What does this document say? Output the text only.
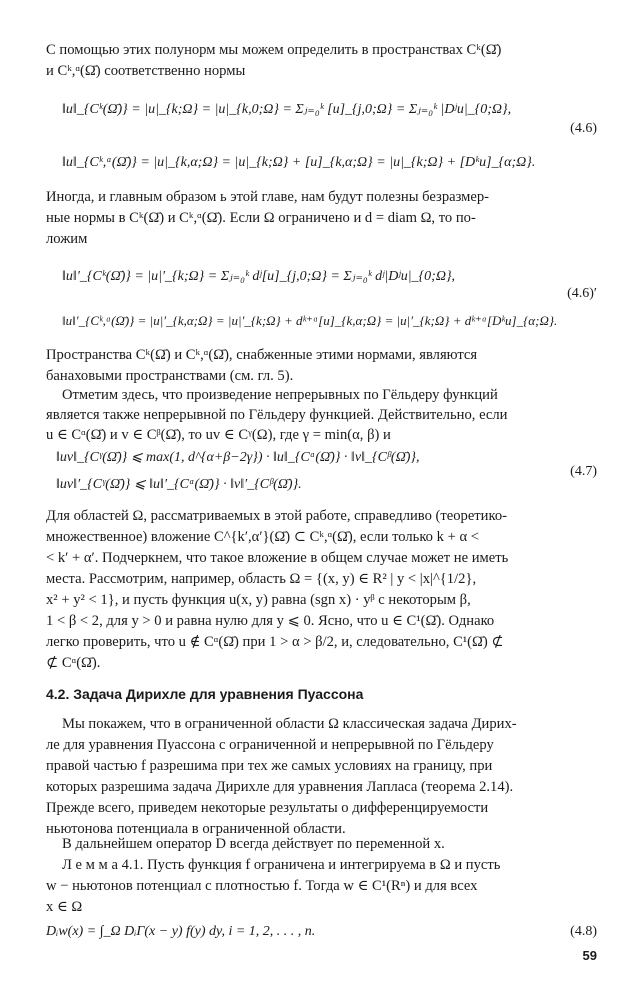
С помощью этих полунорм мы можем определить в пространствах Cᵏ(Ω̄)
и Cᵏ,ᵅ(Ω̄) соответственно нормы
‖u‖_{Cᵏ(Ω̄)} = |u|_{k;Ω} = |u|_{k,0;Ω} = Σⱼ₌₀ᵏ [u]_{j,0;Ω} = Σⱼ₌₀ᵏ |Dʲu|_{0;Ω},
(4.6)
‖u‖_{Cᵏ,ᵅ(Ω̄)} = |u|_{k,α;Ω} = |u|_{k;Ω} + [u]_{k,α;Ω} = |u|_{k;Ω} + [Dᵏu]_{α;Ω}.
Иногда, и главным образом ь этой главе, нам будут полезны безразмер-
ные нормы в Cᵏ(Ω̄) и Cᵏ,ᵅ(Ω̄). Если Ω ограничено и d = diam Ω, то по-
ложим
‖u‖′_{Cᵏ(Ω̄)} = |u|′_{k;Ω} = Σⱼ₌₀ᵏ dʲ[u]_{j,0;Ω} = Σⱼ₌₀ᵏ dʲ|Dʲu|_{0;Ω},
(4.6)′
‖u‖′_{Cᵏ,ᵅ(Ω̄)} = |u|′_{k,α;Ω} = |u|′_{k;Ω} + dᵏ⁺ᵅ[u]_{k,α;Ω} = |u|′_{k;Ω} + dᵏ⁺ᵅ[Dᵏu]_{α;Ω}.
Пространства Cᵏ(Ω̄) и Cᵏ,ᵅ(Ω̄), снабженные этими нормами, являются
банаховыми пространствами (см. гл. 5).
Отметим здесь, что произведение непрерывных по Гёльдеру функций
является также непрерывной по Гёльдеру функцией. Действительно, если
u ∈ Cᵅ(Ω̄) и v ∈ Cᵝ(Ω̄), то uv ∈ Cᵞ(Ω), где γ = min(α, β) и
‖uv‖_{Cᵞ(Ω̄)} ⩽ max(1, d^{α+β−2γ}) · ‖u‖_{Cᵅ(Ω̄)} · ‖v‖_{Cᵝ(Ω̄)},
(4.7)
‖uv‖′_{Cᵞ(Ω̄)} ⩽ ‖u‖′_{Cᵅ(Ω̄)} · ‖v‖′_{Cᵝ(Ω̄)}.
Для областей Ω, рассматриваемых в этой работе, справедливо (теоретико-
множественное) вложение C^{k′,α′}(Ω̄) ⊂ Cᵏ,ᵅ(Ω̄), если только k + α <
< k′ + α′. Подчеркнем, что такое вложение в общем случае может не иметь
места. Рассмотрим, например, область Ω = {(x, y) ∈ R² | y < |x|^{1/2},
x² + y² < 1}, и пусть функция u(x, y) равна (sgn x) · yᵝ с некоторым β,
1 < β < 2, для y > 0 и равна нулю для y ⩽ 0. Ясно, что u ∈ C¹(Ω̄). Однако
легко проверить, что u ∉ Cᵅ(Ω̄) при 1 > α > β/2, и, следовательно, C¹(Ω̄) ⊄
⊄ Cᵅ(Ω̄).
4.2. Задача Дирихле для уравнения Пуассона
Мы покажем, что в ограниченной области Ω классическая задача Дирих-
ле для уравнения Пуассона с ограниченной и непрерывной по Гёльдеру
правой частью f разрешима при тех же самых условиях на границу, при
которых разрешима задача Дирихле для уравнения Лапласа (теорема 2.14).
Прежде всего, приведем некоторые результаты о дифференцируемости
ньютонова потенциала в ограниченной области.
В дальнейшем оператор D всегда действует по переменной x.
Л е м м а 4.1. Пусть функция f ограничена и интегрируема в Ω и пусть
w − ньютонов потенциал с плотностью f. Тогда w ∈ C¹(Rⁿ) и для всех
x ∈ Ω
Dᵢw(x) = ∫_Ω DᵢΓ(x − y) f(y) dy, i = 1, 2, . . . , n.	(4.8)
59
